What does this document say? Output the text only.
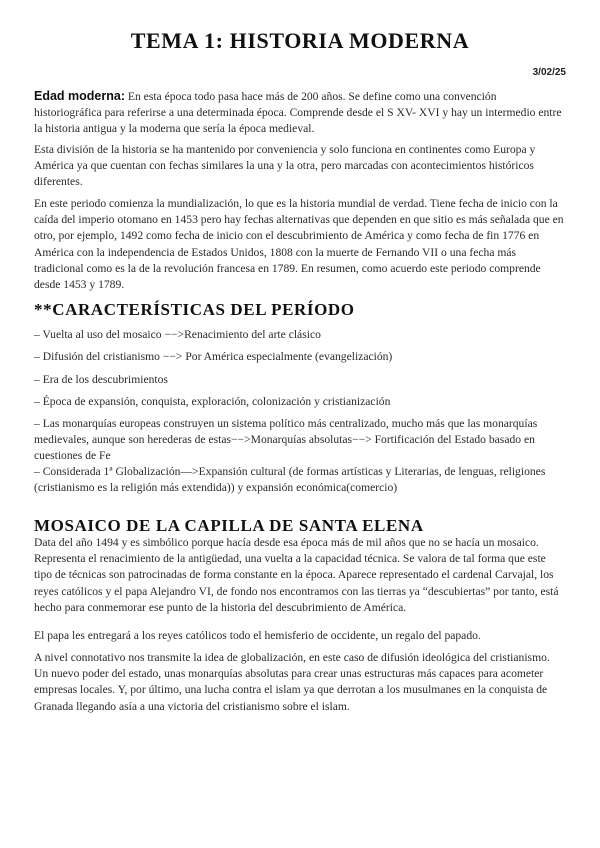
TEMA 1: HISTORIA MODERNA
3/02/25

Edad moderna: En esta época todo pasa hace más de 200 años. Se define como una convención historiográfica para referirse a una determinada época. Comprende desde el S XV- XVI y hay un intermedio entre la historia antigua y la moderna que sería la época medieval.

Esta división de la historia se ha mantenido por conveniencia y solo funciona en continentes como Europa y América ya que cuentan con fechas similares la una y la otra, pero marcadas con acontecimientos históricos diferentes.

En este periodo comienza la mundialización, lo que es la historia mundial de verdad. Tiene fecha de inicio con la caída del imperio otomano en 1453 pero hay fechas alternativas que dependen en que sitio es más señalada que en otro, por ejemplo, 1492 como fecha de inicio con el descubrimiento de América y como fecha de fin 1776 en América con la independencia de Estados Unidos, 1808 con la muerte de Fernando VII o una fecha más tradicional como es la de la revolución francesa en 1789. En resumen, como acuerdo este periodo comprende desde 1453 y 1789.

**CARACTERÍSTICAS DEL PERÍODO

– Vuelta al uso del mosaico −−>Renacimiento del arte clásico

– Difusión del cristianismo −−> Por América especialmente (evangelización)

– Era de los descubrimientos

– Época de expansión, conquista, exploración, colonización y cristianización

– Las monarquías europeas construyen un sistema político más centralizado, mucho más que las monarquías medievales, aunque son herederas de estas−−>Monarquías absolutas−−> Fortificación del Estado basado en cuestiones de Fe

– Considerada 1ª Globalización—>Expansión cultural (de formas artísticas y Literarias, de lenguas, religiones (cristianismo es la religión más extendida)) y expansión económica(comercio)

MOSAICO DE LA CAPILLA DE SANTA ELENA

Data del año 1494 y es simbólico porque hacía desde esa época más de mil años que no se hacía un mosaico. Representa el renacimiento de la antigüedad, una vuelta a la capacidad técnica. Se valora de tal forma que este tipo de técnicas son patrocinadas de forma constante en la época. Aparece representado el cardenal Carvajal, los reyes católicos y el papa Alejandro VI, de fondo nos encontramos con las tierras ya “descubiertas” por tanto, está hecho para conmemorar ese punto de la historia del descubrimiento de América.

El papa les entregará a los reyes católicos todo el hemisferio de occidente, un regalo del papado.

A nivel connotativo nos transmite la idea de globalización, en este caso de difusión ideológica del cristianismo. Un nuevo poder del estado, unas monarquías absolutas para crear unas estructuras más capaces para acometer empresas locales. Y, por último, una lucha contra el islam ya que derrotan a los musulmanes en la conquista de Granada llegando asía a una victoria del cristianismo sobre el islam.
